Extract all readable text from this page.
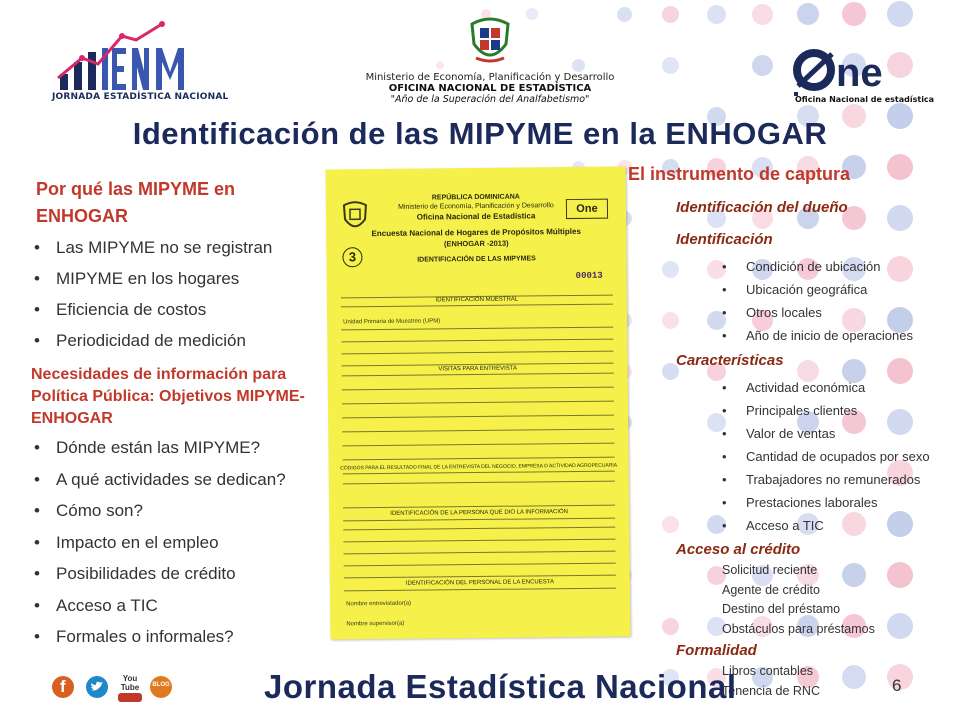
JORNADA ESTADÍSTICA NACIONAL
Ministerio de Economía, Planificación y Desarrollo
OFICINA NACIONAL DE ESTADÍSTICA
"Año de la Superación del Analfabetismo"
ne
Oficina Nacional de estadística
Identificación de las MIPYME en la ENHOGAR
Por qué las MIPYME en ENHOGAR
• Las MIPYME no se registran
• MIPYME en los hogares
• Eficiencia de costos
• Periodicidad de medición
Necesidades de información para Política Pública: Objetivos MIPYME-ENHOGAR
• Dónde están las MIPYME?
• A qué actividades se dedican?
• Cómo son?
• Impacto en el empleo
• Posibilidades de crédito
• Acceso a TIC
• Formales o informales?
REPÚBLICA DOMINICANA
Ministerio de Economía, Planificación y Desarrollo
Oficina Nacional de Estadística
One
Encuesta Nacional de Hogares de Propósitos Múltiples
(ENHOGAR -2013)
3	IDENTIFICACIÓN DE LAS MIPYMES
00013
IDENTIFICACIÓN MUESTRAL
Unidad Primaria de Muestreo (UPM)
VISITAS PARA ENTREVISTA
CÓDIGOS PARA EL RESULTADO FINAL DE LA ENTREVISTA DEL NEGOCIO, EMPRESA O ACTIVIDAD AGROPECUARIA
IDENTIFICACIÓN DE LA PERSONA QUE DIO LA INFORMACIÓN
IDENTIFICACIÓN DEL PERSONAL DE LA ENCUESTA
Nombre entrevistador(a)
Nombre supervisor(a)
El instrumento de captura
Identificación del dueño
Identificación
• Condición de ubicación
• Ubicación geográfica
• Otros locales
• Año de inicio de operaciones
Características
• Actividad económica
• Principales clientes
• Valor de ventas
• Cantidad de ocupados por sexo
• Trabajadores no remunerados
• Prestaciones laborales
• Acceso a TIC
Acceso al crédito
Solicitud reciente
Agente de crédito
Destino del préstamo
Obstáculos para préstamos
Formalidad
Libros contables
Tenencia de RNC
f	You Tube	BLOG	Jornada Estadística Nacional	6
